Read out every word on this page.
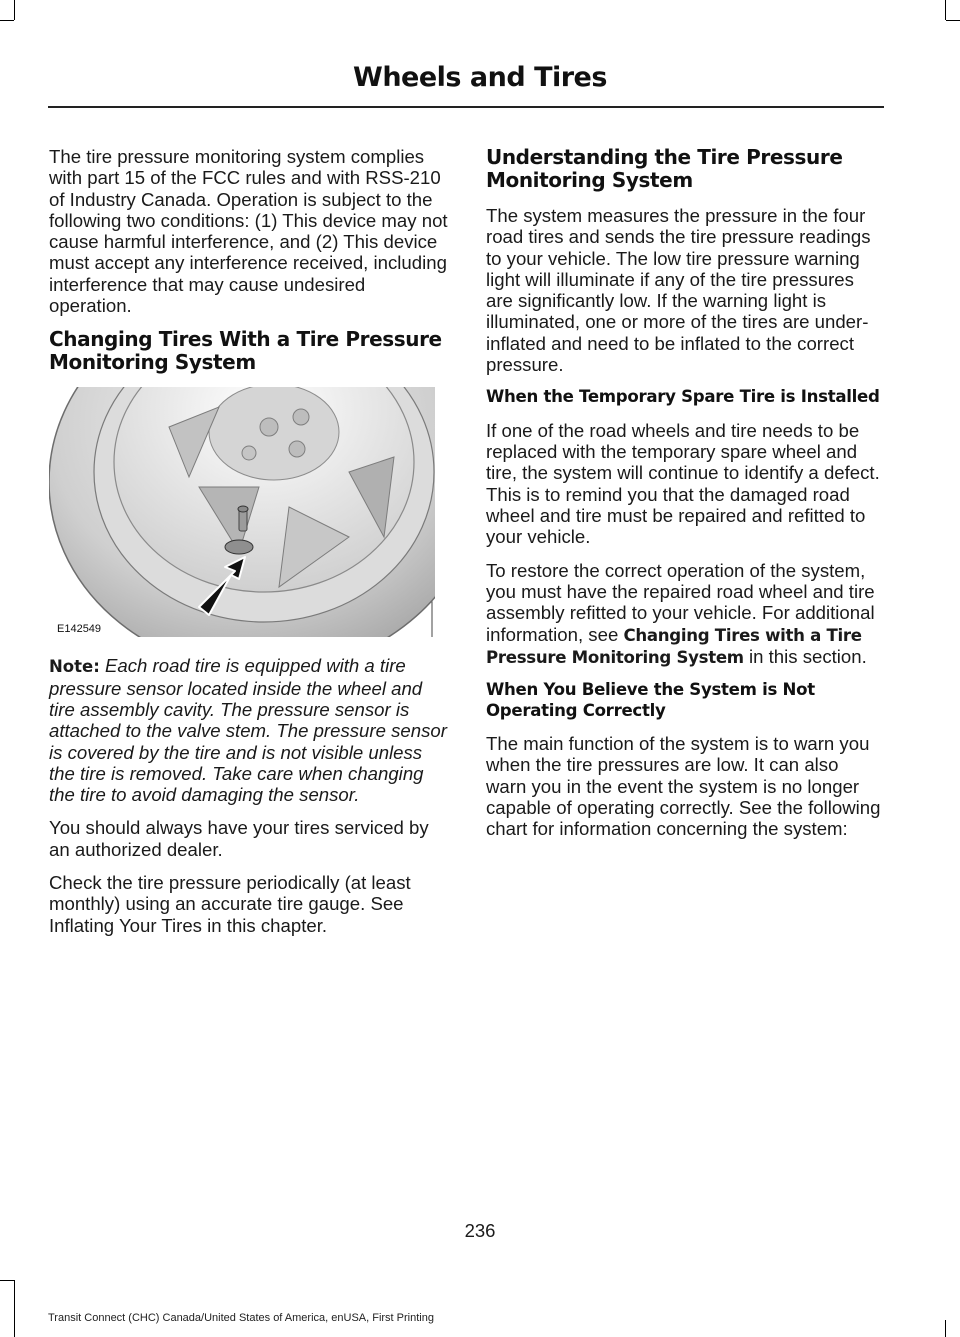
Wheels and Tires

The tire pressure monitoring system complies with part 15 of the FCC rules and with RSS-210 of Industry Canada. Operation is subject to the following two conditions: (1) This device may not cause harmful interference, and (2) This device must accept any interference received, including interference that may cause undesired operation.

Changing Tires With a Tire Pressure Monitoring System
E142549

Note: Each road tire is equipped with a tire pressure sensor located inside the wheel and tire assembly cavity. The pressure sensor is attached to the valve stem. The pressure sensor is covered by the tire and is not visible unless the tire is removed. Take care when changing the tire to avoid damaging the sensor.

You should always have your tires serviced by an authorized dealer.

Check the tire pressure periodically (at least monthly) using an accurate tire gauge. See Inflating Your Tires in this chapter.

Understanding the Tire Pressure Monitoring System

The system measures the pressure in the four road tires and sends the tire pressure readings to your vehicle. The low tire pressure warning light will illuminate if any of the tire pressures are significantly low. If the warning light is illuminated, one or more of the tires are under-inflated and need to be inflated to the correct pressure.

When the Temporary Spare Tire is Installed

If one of the road wheels and tire needs to be replaced with the temporary spare wheel and tire, the system will continue to identify a defect. This is to remind you that the damaged road wheel and tire must be repaired and refitted to your vehicle.

To restore the correct operation of the system, you must have the repaired road wheel and tire assembly refitted to your vehicle. For additional information, see Changing Tires with a Tire Pressure Monitoring System in this section.

When You Believe the System is Not Operating Correctly

The main function of the system is to warn you when the tire pressures are low. It can also warn you in the event the system is no longer capable of operating correctly. See the following chart for information concerning the system:

236
Transit Connect (CHC) Canada/United States of America, enUSA, First Printing
